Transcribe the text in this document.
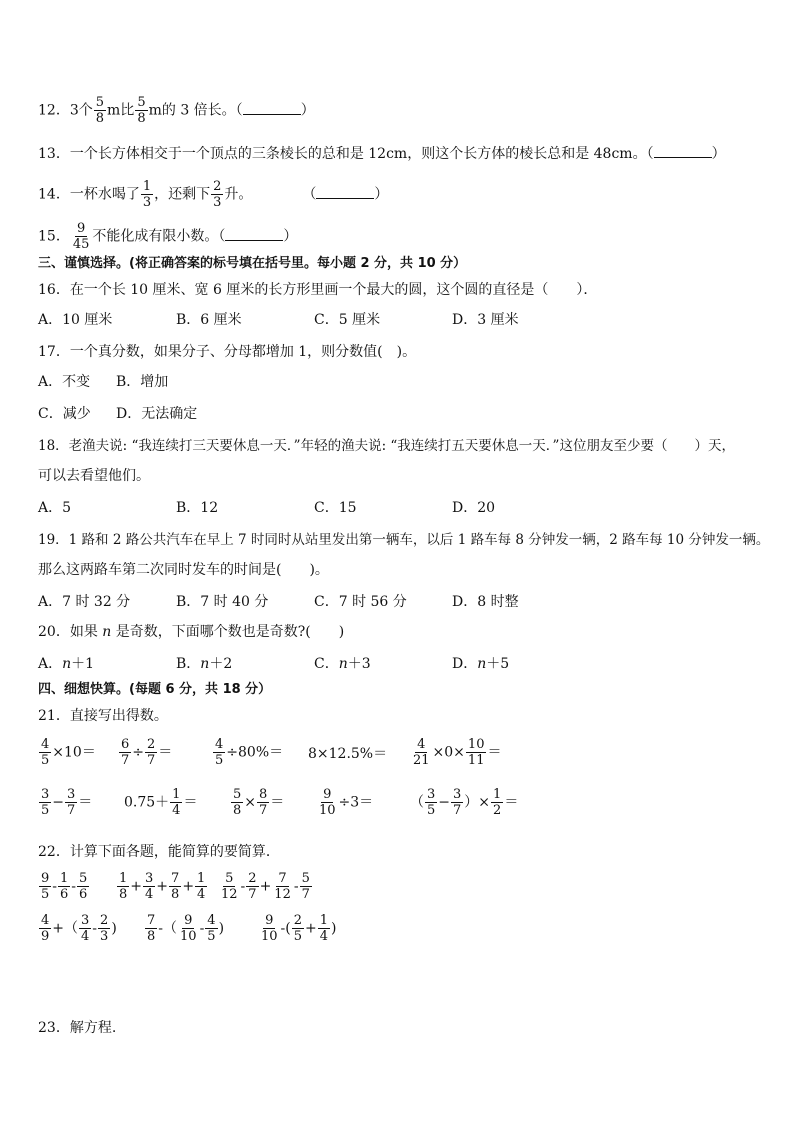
12．3个 $\frac{5}{8}$ m比 $\frac{5}{8}$ m的 3 倍长。（	）
13．一个长方体相交于一个顶点的三条棱长的总和是 12cm，则这个长方体的棱长总和是 48cm。（	）
14．一杯水喝了 $\frac{1}{3}$ ，还剩下 $\frac{2}{3}$ 升。	（	）
15． $\frac{9}{45}$ 不能化成有限小数。（	）
三、谨慎选择。(将正确答案的标号填在括号里。每小题 2 分，共 10 分）
16．在一个长 10 厘米、宽 6 厘米的长方形里画一个最大的圆，这个圆的直径是（　　）．
A．10 厘米	B．6 厘米	C．5 厘米	D．3 厘米
17．一个真分数，如果分子、分母都增加 1，则分数值(　)。
A．不变 B．增加
C．减少 D．无法确定
18．老渔夫说: “我连续打三天要休息一天．”年轻的渔夫说: “我连续打五天要休息一天．”这位朋友至少要（　　）天，
可以去看望他们。
A．5	B．12	C．15	D．20
19．1 路和 2 路公共汽车在早上 7 时同时从站里发出第一辆车，以后 1 路车每 8 分钟发一辆，2 路车每 10 分钟发一辆。
那么这两路车第二次同时发车的时间是(　　)。
A．7 时 32 分	B．7 时 40 分	C．7 时 56 分	D．8 时整
20．如果 n 是奇数，下面哪个数也是奇数?(　　)
A．n＋1	B．n＋2	C．n＋3	D．n＋5
四、细想快算。(每题 6 分，共 18 分）
21．直接写出得数。
$\frac{4}{5} \times 10= \frac{6}{7} \div \frac{2}{7}$ ＝	$\frac{4}{5} \div 80\%= 8\times 12.5\%= \frac{4}{21} \times 0\times \frac{10}{11}$ ＝
$\frac{3}{5} - \frac{3}{7} = 0.75+ \frac{1}{4}$ ＝	$\frac{5}{8} \times \frac{8}{7}$ ＝	$\frac{9}{10} \div 3=$	（ $\frac{3}{5} - \frac{3}{7}$ ）× $\frac{1}{2}$ ＝
22．计算下面各题，能简算的要简算．
$\frac{9}{5} - \frac{1}{6} - \frac{5}{6} \frac{1}{8} + \frac{3}{4} + \frac{7}{8} + \frac{1}{4} \frac{5}{12} - \frac{2}{7} + \frac{7}{12} - \frac{5}{7}$
$\frac{4}{9}$ +（ $\frac{3}{4} - \frac{2}{3}$ ) $\frac{7}{8}$ -（ $\frac{9}{10} - \frac{4}{5}$ )	$\frac{9}{10}$ -( $\frac{2}{5} + \frac{1}{4}$ )
23．解方程.
